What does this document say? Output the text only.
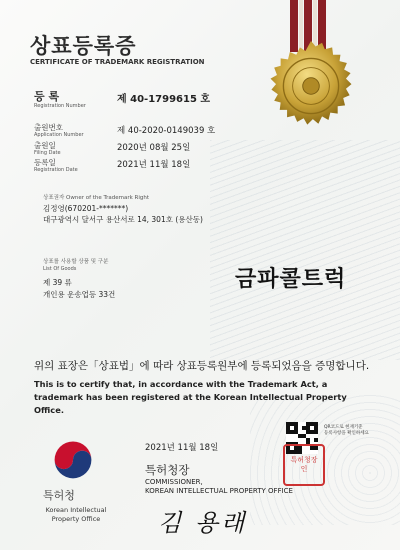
상표등록증
CERTIFICATE OF TRADEMARK REGISTRATION
등 록
Registration Number
제 40-1799615 호
출원번호
Application Number	제 40-2020-0149039 호
출원일
Filing Date	2020년 08월 25일
등록일
Registration Date	2021년 11월 18일
상표권자 Owner of the Trademark Right
김정영(670201-*******)
대구광역시 달서구 용산서로 14, 301호 (용산동)
상표를 사용할 상품 및 구분
List Of Goods
제 39 류
개인용 운송업등 33건
금파콜트럭
위의 표장은「상표법」에 따라 상표등록원부에 등록되었음을 증명합니다.
This is to certify that, in accordance with the Trademark Act, a trademark has been registered at the Korean Intellectual Property Office.
특허청
Korean Intellectual Property Office
2021년 11월 18일
특허청장
COMMISSIONER,
KOREAN INTELLECTUAL PROPERTY OFFICE
김 용래
QR코드로 현재기준
등록사항을 확인하세요
특허청장인
